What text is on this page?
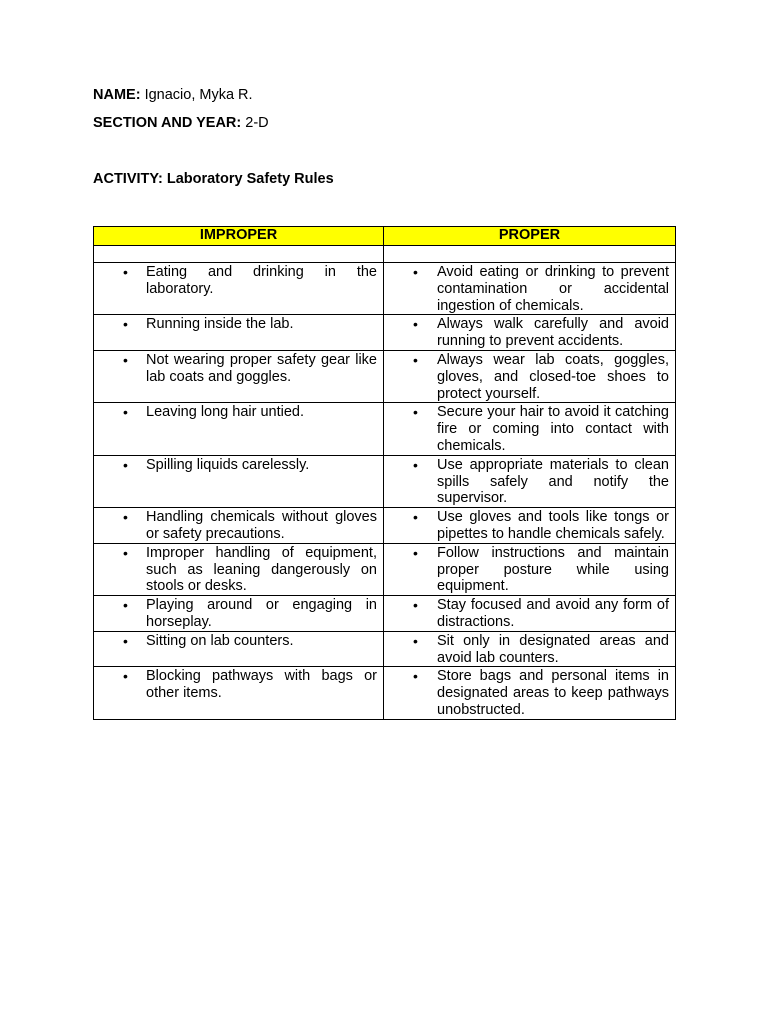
NAME: Ignacio, Myka R.
SECTION AND YEAR: 2-D
ACTIVITY: Laboratory Safety Rules
IMPROPER	PROPER

• Eating and drinking in the laboratory.	• Avoid eating or drinking to prevent contamination or accidental ingestion of chemicals.

• Running inside the lab.	• Always walk carefully and avoid running to prevent accidents.

• Not wearing proper safety gear like lab coats and goggles.	• Always wear lab coats, goggles, gloves, and closed-toe shoes to protect yourself.

• Leaving long hair untied.	• Secure your hair to avoid it catching fire or coming into contact with chemicals.

• Spilling liquids carelessly.	• Use appropriate materials to clean spills safely and notify the supervisor.

• Handling chemicals without gloves or safety precautions.	• Use gloves and tools like tongs or pipettes to handle chemicals safely.

• Improper handling of equipment, such as leaning dangerously on stools or desks.	• Follow instructions and maintain proper posture while using equipment.

• Playing around or engaging in horseplay.	• Stay focused and avoid any form of distractions.

• Sitting on lab counters.	• Sit only in designated areas and avoid lab counters.

• Blocking pathways with bags or other items.	• Store bags and personal items in designated areas to keep pathways unobstructed.
